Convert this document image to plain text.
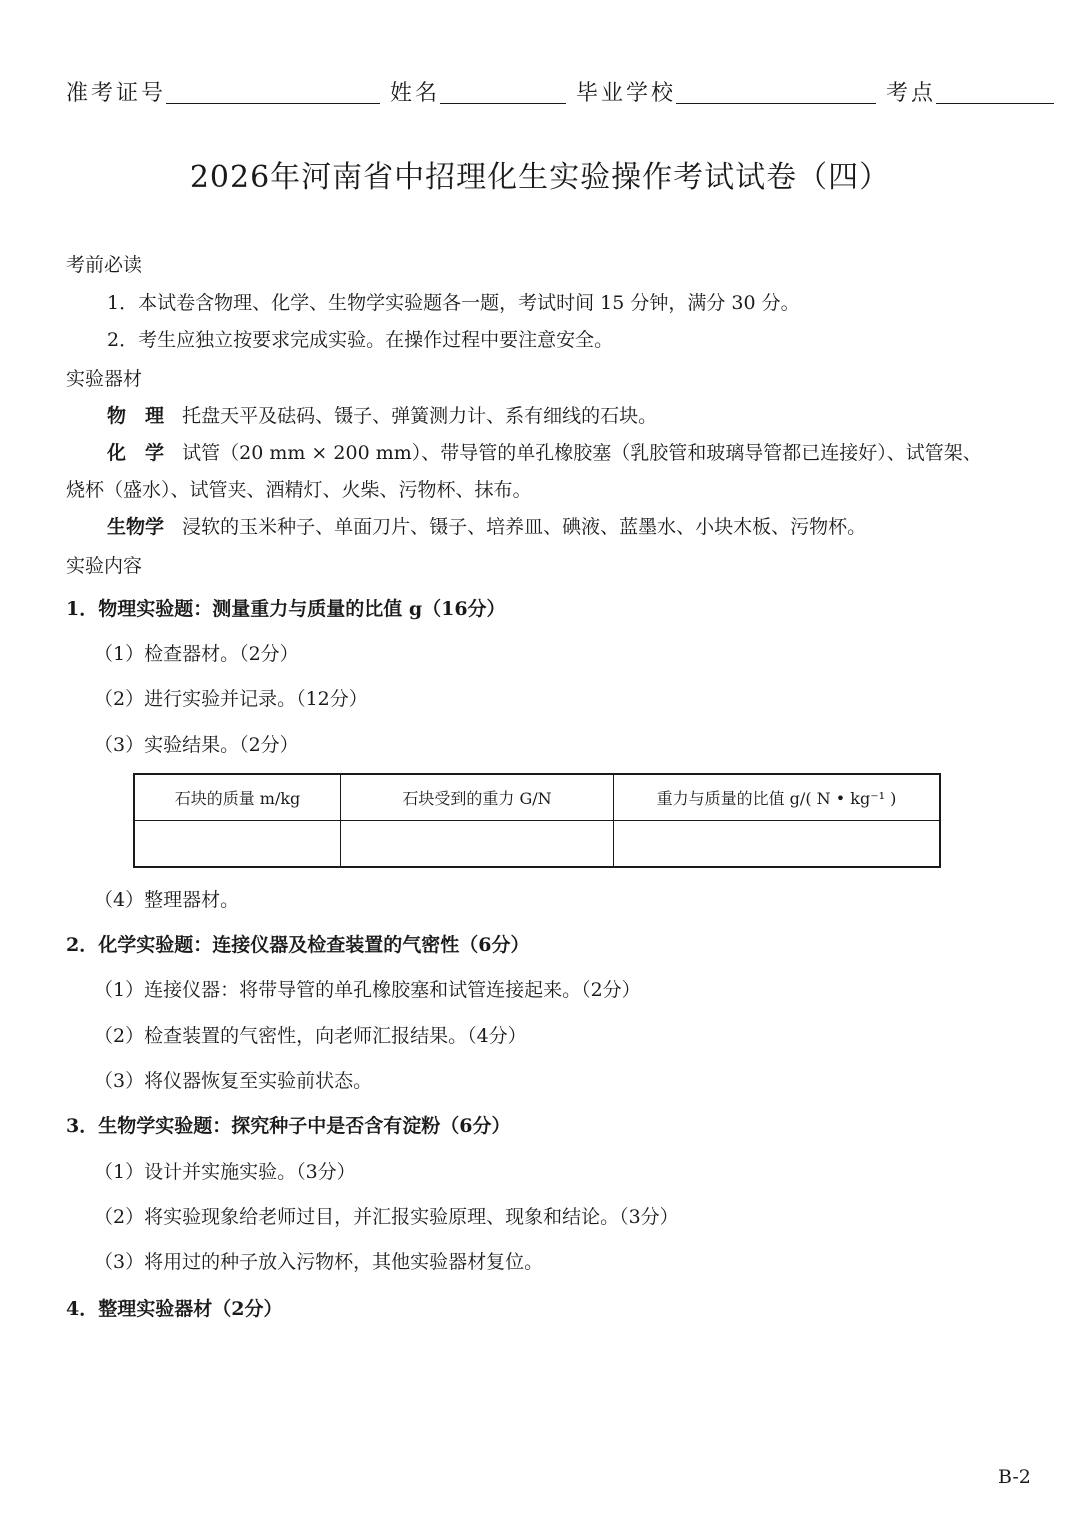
准考证号	姓名	毕业学校	考点
2026年河南省中招理化生实验操作考试试卷（四）
考前必读
1．本试卷含物理、化学、生物学实验题各一题，考试时间 15 分钟，满分 30 分。
2．考生应独立按要求完成实验。在操作过程中要注意安全。
实验器材
物　理 托盘天平及砝码、镊子、弹簧测力计、系有细线的石块。
化　学 试管（20 mm × 200 mm）、带导管的单孔橡胶塞（乳胶管和玻璃导管都已连接好）、试管架、
烧杯（盛水）、试管夹、酒精灯、火柴、污物杯、抹布。
生物学 浸软的玉米种子、单面刀片、镊子、培养皿、碘液、蓝墨水、小块木板、污物杯。
实验内容
1．物理实验题：测量重力与质量的比值 g（16分）
（1）检查器材。（2分）
（2）进行实验并记录。（12分）
（3）实验结果。（2分）
石块的质量 m/kg	石块受到的重力 G/N	重力与质量的比值 g/( N • kg⁻¹ )

（4）整理器材。
2．化学实验题：连接仪器及检查装置的气密性（6分）
（1）连接仪器：将带导管的单孔橡胶塞和试管连接起来。（2分）
（2）检查装置的气密性，向老师汇报结果。（4分）
（3）将仪器恢复至实验前状态。
3．生物学实验题：探究种子中是否含有淀粉（6分）
（1）设计并实施实验。（3分）
（2）将实验现象给老师过目，并汇报实验原理、现象和结论。（3分）
（3）将用过的种子放入污物杯，其他实验器材复位。
4．整理实验器材（2分）
B-2
